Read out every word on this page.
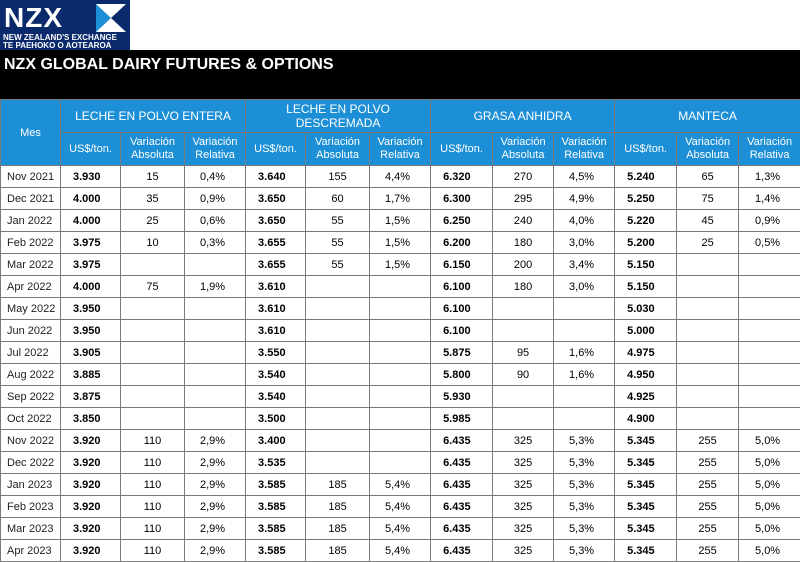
NZX
NEW ZEALAND'S EXCHANGE
TE PAEHOKO O AOTEAROA
NZX GLOBAL DAIRY FUTURES & OPTIONS
Mes	LECHE EN POLVO ENTERA			LECHE EN POLVO DESCREMADA			GRASA ANHIDRA			MANTECA		
	US$/ton.	Variación Absoluta	Variación Relativa	US$/ton.	Variación Absoluta	Variación Relativa	US$/ton.	Variación Absoluta	Variación Relativa	US$/ton.	Variación Absoluta	Variación Relativa
Nov 2021	3.930	15	0,4%	3.640	155	4,4%	6.320	270	4,5%	5.240	65	1,3%
Dec 2021	4.000	35	0,9%	3.650	60	1,7%	6.300	295	4,9%	5.250	75	1,4%
Jan 2022	4.000	25	0,6%	3.650	55	1,5%	6.250	240	4,0%	5.220	45	0,9%
Feb 2022	3.975	10	0,3%	3.655	55	1,5%	6.200	180	3,0%	5.200	25	0,5%
Mar 2022	3.975			3.655	55	1,5%	6.150	200	3,4%	5.150		
Apr 2022	4.000	75	1,9%	3.610			6.100	180	3,0%	5.150		
May 2022	3.950			3.610			6.100			5.030		
Jun 2022	3.950			3.610			6.100			5.000		
Jul 2022	3.905			3.550			5.875	95	1,6%	4.975		
Aug 2022	3.885			3.540			5.800	90	1,6%	4.950		
Sep 2022	3.875			3.540			5.930			4.925		
Oct 2022	3.850			3.500			5.985			4.900		
Nov 2022	3.920	110	2,9%	3.400			6.435	325	5,3%	5.345	255	5,0%
Dec 2022	3.920	110	2,9%	3.535			6.435	325	5,3%	5.345	255	5,0%
Jan 2023	3.920	110	2,9%	3.585	185	5,4%	6.435	325	5,3%	5.345	255	5,0%
Feb 2023	3.920	110	2,9%	3.585	185	5,4%	6.435	325	5,3%	5.345	255	5,0%
Mar 2023	3.920	110	2,9%	3.585	185	5,4%	6.435	325	5,3%	5.345	255	5,0%
Apr 2023	3.920	110	2,9%	3.585	185	5,4%	6.435	325	5,3%	5.345	255	5,0%
